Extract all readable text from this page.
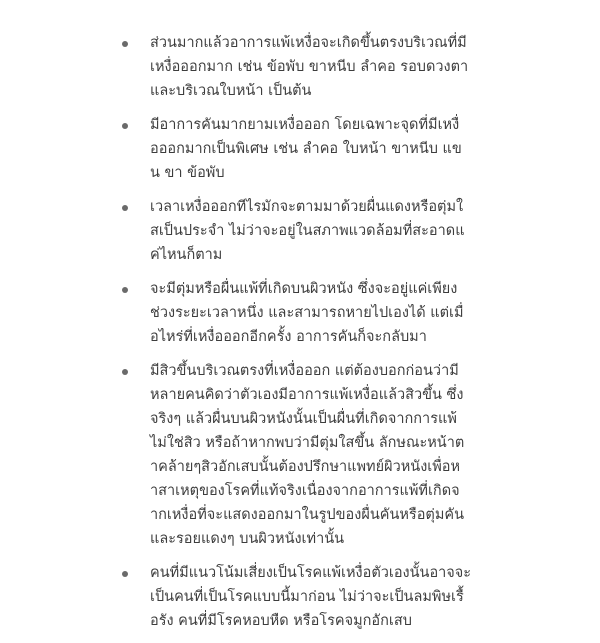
ส่วนมากแล้วอาการแพ้เหงื่อจะเกิดขึ้นตรงบริเวณที่มี
เหงื่อออกมาก เช่น ข้อพับ ขาหนีบ ลำคอ รอบดวงตา
และบริเวณใบหน้า เป็นต้น
มีอาการคันมากยามเหงื่อออก โดยเฉพาะจุดที่มีเหงื่
อออกมากเป็นพิเศษ เช่น ลำคอ ใบหน้า ขาหนีบ แข
น ขา ข้อพับ
เวลาเหงื่อออกทีไรมักจะตามมาด้วยผื่นแดงหรือตุ่มใ
สเป็นประจำ ไม่ว่าจะอยู่ในสภาพแวดล้อมที่สะอาดแ
ค่ไหนก็ตาม
จะมีตุ่มหรือผื่นแพ้ที่เกิดบนผิวหนัง ซึ่งจะอยู่แค่เพียง
ช่วงระยะเวลาหนึ่ง และสามารถหายไปเองได้ แต่เมื่
อไหร่ที่เหงื่อออกอีกครั้ง อาการคันก็จะกลับมา
มีสิวขึ้นบริเวณตรงที่เหงื่อออก แต่ต้องบอกก่อนว่ามี
หลายคนคิดว่าตัวเองมีอาการแพ้เหงื่อแล้วสิวขึ้น ซึ่ง
จริงๆ แล้วผื่นบนผิวหนังนั้นเป็นผื่นที่เกิดจากการแพ้
ไม่ใช่สิว หรือถ้าหากพบว่ามีตุ่มใสขึ้น ลักษณะหน้าต
าคล้ายๆสิวอักเสบนั้นต้องปรึกษาแพทย์ผิวหนังเพื่อห
าสาเหตุของโรคที่แท้จริงเนื่องจากอาการแพ้ที่เกิดจ
ากเหงื่อที่จะแสดงออกมาในรูปของผื่นคันหรือตุ่มคัน
และรอยแดงๆ บนผิวหนังเท่านั้น
คนที่มีแนวโน้มเสี่ยงเป็นโรคแพ้เหงื่อตัวเองนั้นอาจจะ
เป็นคนที่เป็นโรคแบบนี้มาก่อน ไม่ว่าจะเป็นลมพิษเรื้
อรัง คนที่มีโรคหอบหืด หรือโรคจมูกอักเสบ
